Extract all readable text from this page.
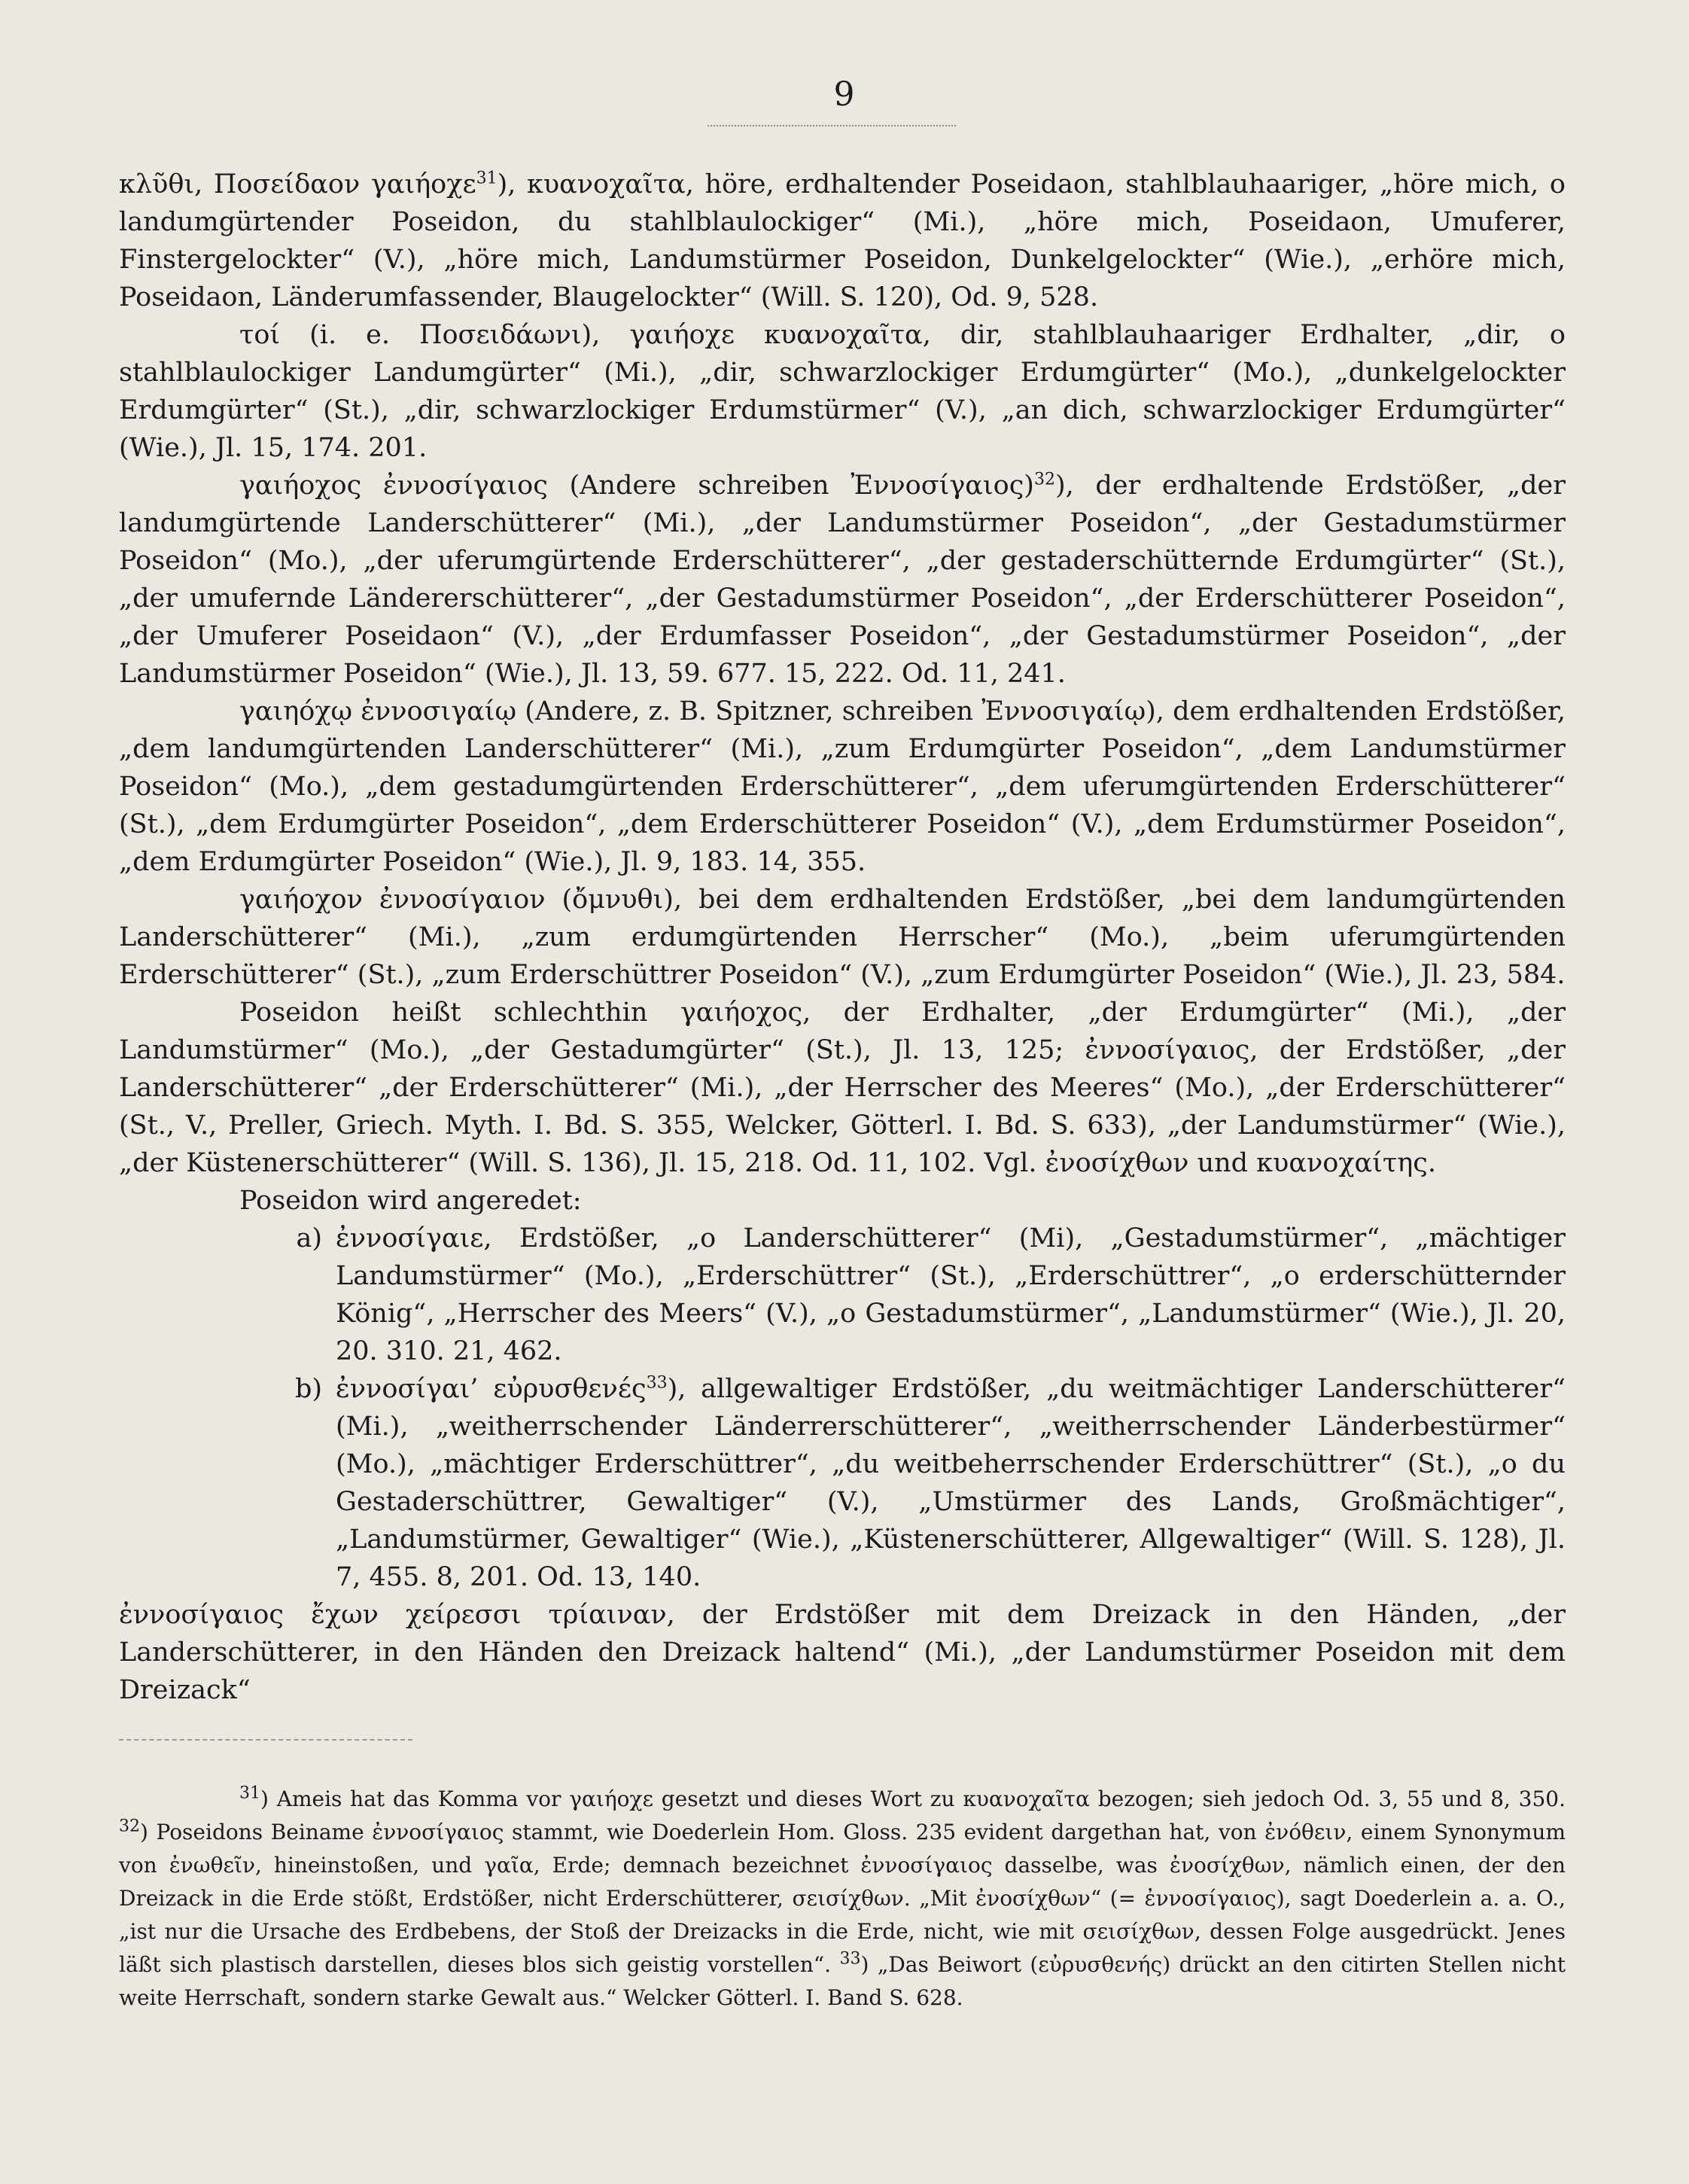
9

κλῦθι, Ποσείδαον γαιήοχε$^{31}$), κυανοχαῖτα, höre, erdhaltender Poseidaon, stahlblauhaariger, „höre mich, o landumgürtender Poseidon, du stahlblaulockiger“ (Mi.), „höre mich, Poseidaon, Umuferer, Finstergelockter“ (V.), „höre mich, Landumstürmer Poseidon, Dunkelgelockter“ (Wie.), „erhöre mich, Poseidaon, Länderumfassender, Blaugelockter“ (Will. S. 120), Od. 9, 528.

τοί (i. e. Ποσειδάωνι), γαιήοχε κυανοχαῖτα, dir, stahlblauhaariger Erdhalter, „dir, o stahlblaulockiger Landumgürter“ (Mi.), „dir, schwarzlockiger Erdumgürter“ (Mo.), „dunkelgelockter Erdumgürter“ (St.), „dir, schwarzlockiger Erdumstürmer“ (V.), „an dich, schwarzlockiger Erdumgürter“ (Wie.), Jl. 15, 174. 201.

γαιήοχος ἐννοσίγαιος (Andere schreiben Ἐννοσίγαιος)$^{32}$), der erdhaltende Erdstößer, „der landumgürtende Landerschütterer“ (Mi.), „der Landumstürmer Poseidon“, „der Gestadumstürmer Poseidon“ (Mo.), „der uferumgürtende Erderschütterer“, „der gestaderschütternde Erdumgürter“ (St.), „der umufernde Ländererschütterer“, „der Gestadumstürmer Poseidon“, „der Erderschütterer Poseidon“, „der Umuferer Poseidaon“ (V.), „der Erdumfasser Poseidon“, „der Gestadumstürmer Poseidon“, „der Landumstürmer Poseidon“ (Wie.), Jl. 13, 59. 677. 15, 222. Od. 11, 241.

γαιηόχῳ ἐννοσιγαίῳ (Andere, z. B. Spitzner, schreiben Ἐννοσιγαίῳ), dem erdhaltenden Erdstößer, „dem landumgürtenden Landerschütterer“ (Mi.), „zum Erdumgürter Poseidon“, „dem Landumstürmer Poseidon“ (Mo.), „dem gestadumgürtenden Erderschütterer“, „dem uferumgürtenden Erderschütterer“ (St.), „dem Erdumgürter Poseidon“, „dem Erderschütterer Poseidon“ (V.), „dem Erdumstürmer Poseidon“, „dem Erdumgürter Poseidon“ (Wie.), Jl. 9, 183. 14, 355.

γαιήοχον ἐννοσίγαιον (ὄμνυθι), bei dem erdhaltenden Erdstößer, „bei dem landumgürtenden Landerschütterer“ (Mi.), „zum erdumgürtenden Herrscher“ (Mo.), „beim uferumgürtenden Erderschütterer“ (St.), „zum Erderschüttrer Poseidon“ (V.), „zum Erdumgürter Poseidon“ (Wie.), Jl. 23, 584.

Poseidon heißt schlechthin γαιήοχος, der Erdhalter, „der Erdumgürter“ (Mi.), „der Landumstürmer“ (Mo.), „der Gestadumgürter“ (St.), Jl. 13, 125; ἐννοσίγαιος, der Erdstößer, „der Landerschütterer“ „der Erderschütterer“ (Mi.), „der Herrscher des Meeres“ (Mo.), „der Erderschütterer“ (St., V., Preller, Griech. Myth. I. Bd. S. 355, Welcker, Götterl. I. Bd. S. 633), „der Landumstürmer“ (Wie.), „der Küstenerschütterer“ (Will. S. 136), Jl. 15, 218. Od. 11, 102. Vgl. ἐνοσίχθων und κυανοχαίτης.

Poseidon wird angeredet:

a) ἐννοσίγαιε, Erdstößer, „o Landerschütterer“ (Mi), „Gestadumstürmer“, „mächtiger Landumstürmer“ (Mo.), „Erderschüttrer“ (St.), „Erderschüttrer“, „o erderschütternder König“, „Herrscher des Meers“ (V.), „o Gestadumstürmer“, „Landumstürmer“ (Wie.), Jl. 20, 20. 310. 21, 462.
b) ἐννοσίγαι’ εὐρυσθενές$^{33}$), allgewaltiger Erdstößer, „du weitmächtiger Landerschütterer“ (Mi.), „weitherrschender Länderrerschütterer“, „weitherrschender Länderbestürmer“ (Mo.), „mächtiger Erderschüttrer“, „du weitbeherrschender Erderschüttrer“ (St.), „o du Gestaderschüttrer, Gewaltiger“ (V.), „Umstürmer des Lands, Großmächtiger“, „Landumstürmer, Gewaltiger“ (Wie.), „Küstenerschütterer, Allgewaltiger“ (Will. S. 128), Jl. 7, 455. 8, 201. Od. 13, 140.

ἐννοσίγαιος ἔχων χείρεσσι τρίαιναν, der Erdstößer mit dem Dreizack in den Händen, „der Landerschütterer, in den Händen den Dreizack haltend“ (Mi.), „der Landumstürmer Poseidon mit dem Dreizack“

$^{31}$) Ameis hat das Komma vor γαιήοχε gesetzt und dieses Wort zu κυανοχαῖτα bezogen; sieh jedoch Od. 3, 55 und 8, 350. $^{32}$) Poseidons Beiname ἐννοσίγαιος stammt, wie Doederlein Hom. Gloss. 235 evident dargethan hat, von ἐνόθειν, einem Synonymum von ἐνωθεῖν, hineinstoßen, und γαῖα, Erde; demnach bezeichnet ἐννοσίγαιος dasselbe, was ἐνοσίχθων, nämlich einen, der den Dreizack in die Erde stößt, Erdstößer, nicht Erderschütterer, σεισίχθων. „Mit ἐνοσίχθων“ (= ἐννοσίγαιος), sagt Doederlein a. a. O., „ist nur die Ursache des Erdbebens, der Stoß der Dreizacks in die Erde, nicht, wie mit σεισίχθων, dessen Folge ausgedrückt. Jenes läßt sich plastisch darstellen, dieses blos sich geistig vorstellen“. $^{33}$) „Das Beiwort (εὐρυσθενής) drückt an den citirten Stellen nicht weite Herrschaft, sondern starke Gewalt aus.“ Welcker Götterl. I. Band S. 628.
